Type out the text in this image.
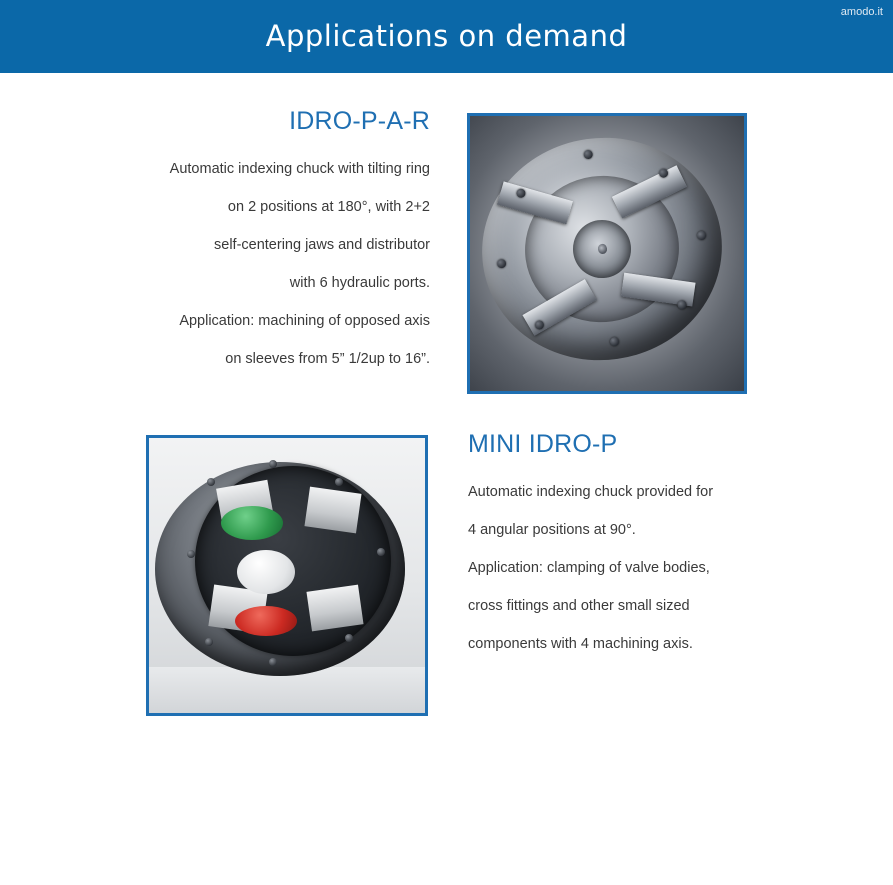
Applications on demand
amodo.it
IDRO-P-A-R

Automatic indexing chuck with tilting ring

on 2 positions at 180°, with 2+2

self-centering jaws and distributor

with 6 hydraulic ports.

Application: machining of opposed axis

on sleeves from 5” 1/2up to 16”.

MINI IDRO-P

Automatic indexing chuck provided for

4 angular positions at 90°.

Application: clamping of valve bodies,

cross fittings and other small sized

components with 4 machining axis.
